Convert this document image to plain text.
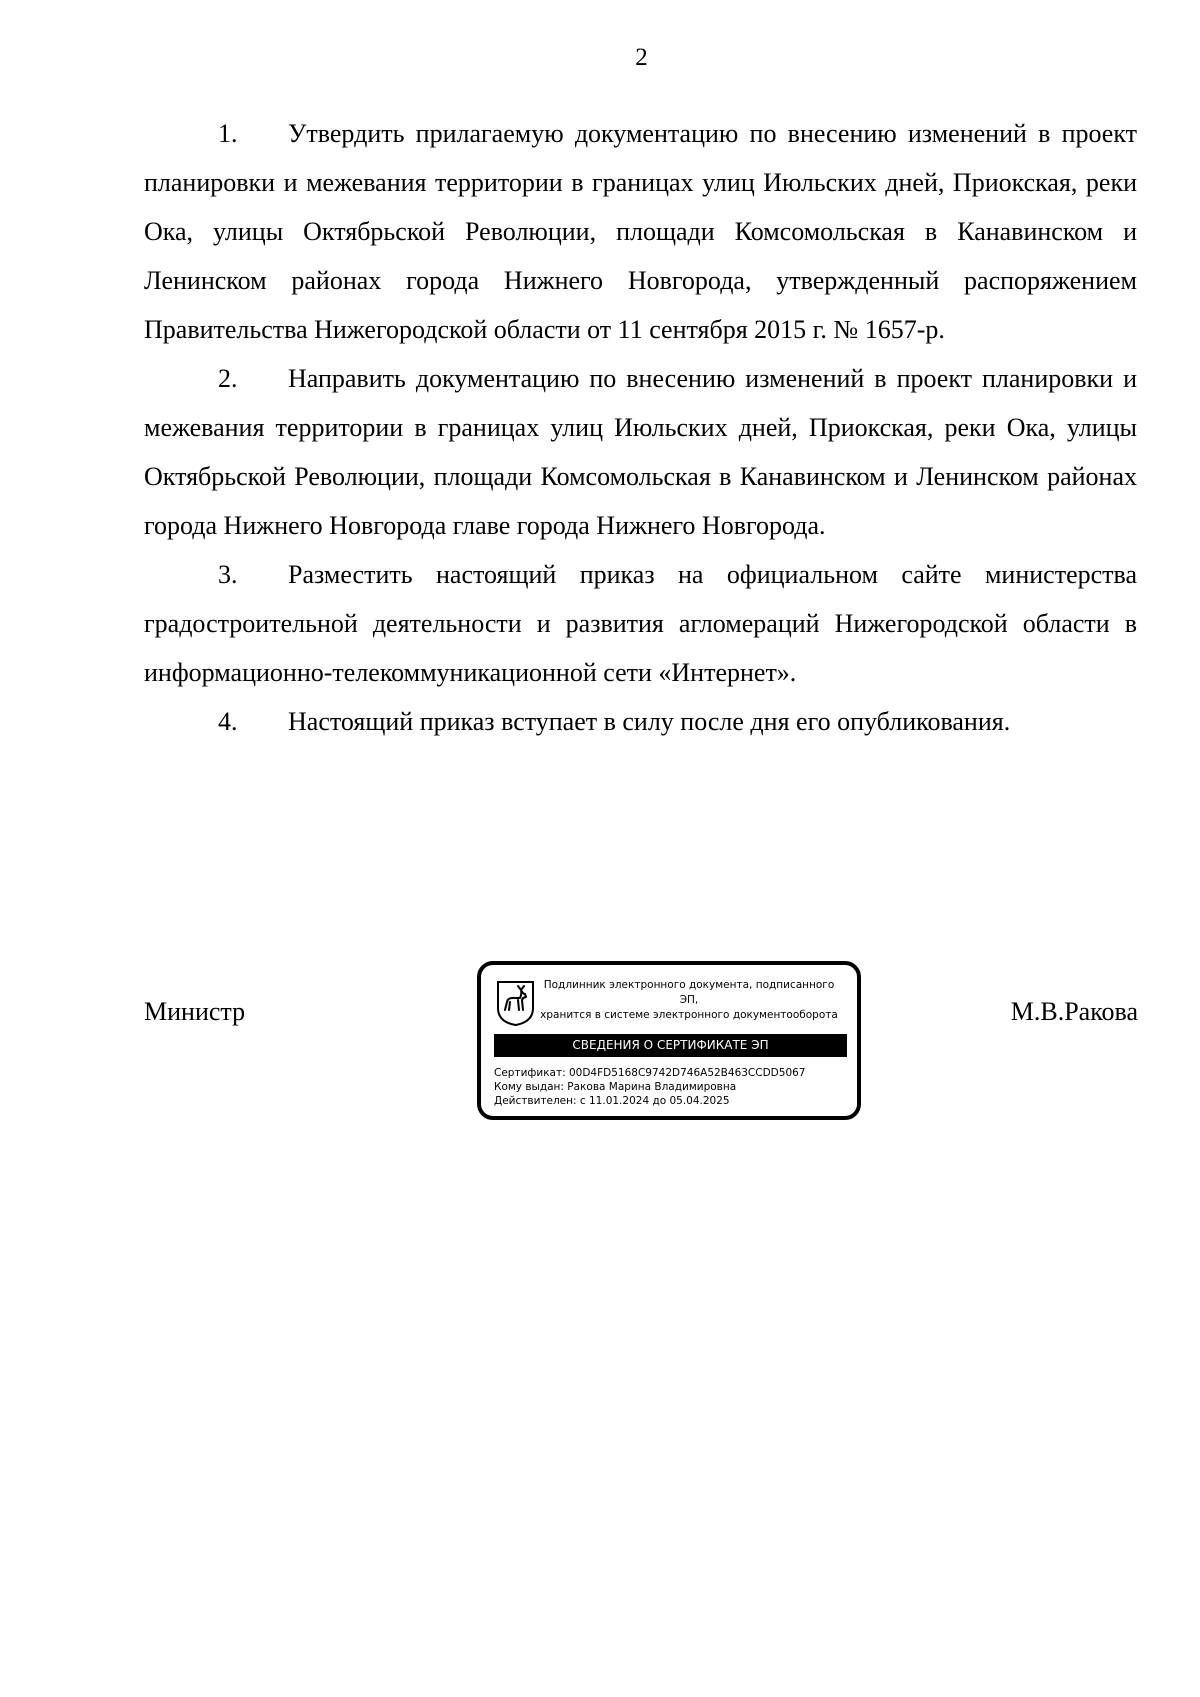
2

1. Утвердить прилагаемую документацию по внесению изменений в проект планировки и межевания территории в границах улиц Июльских дней, Приокская, реки Ока, улицы Октябрьской Революции, площади Комсомольская в Канавинском и Ленинском районах города Нижнего Новгорода, утвержденный распоряжением Правительства Нижегородской области от 11 сентября 2015 г. № 1657-р.

2. Направить документацию по внесению изменений в проект планировки и межевания территории в границах улиц Июльских дней, Приокская, реки Ока, улицы Октябрьской Революции, площади Комсомольская в Канавинском и Ленинском районах города Нижнего Новгорода главе города Нижнего Новгорода.

3. Разместить настоящий приказ на официальном сайте министерства градостроительной деятельности и развития агломераций Нижегородской области в информационно-телекоммуникационной сети «Интернет».

4. Настоящий приказ вступает в силу после дня его опубликования.

Министр
Подлинник электронного документа, подписанного ЭП,
хранится в системе электронного документооборота
СВЕДЕНИЯ О СЕРТИФИКАТЕ ЭП
Сертификат: 00D4FD5168C9742D746A52B463CCDD5067
Кому выдан: Ракова Марина Владимировна
Действителен: с 11.01.2024 до 05.04.2025
М.В.Ракова
